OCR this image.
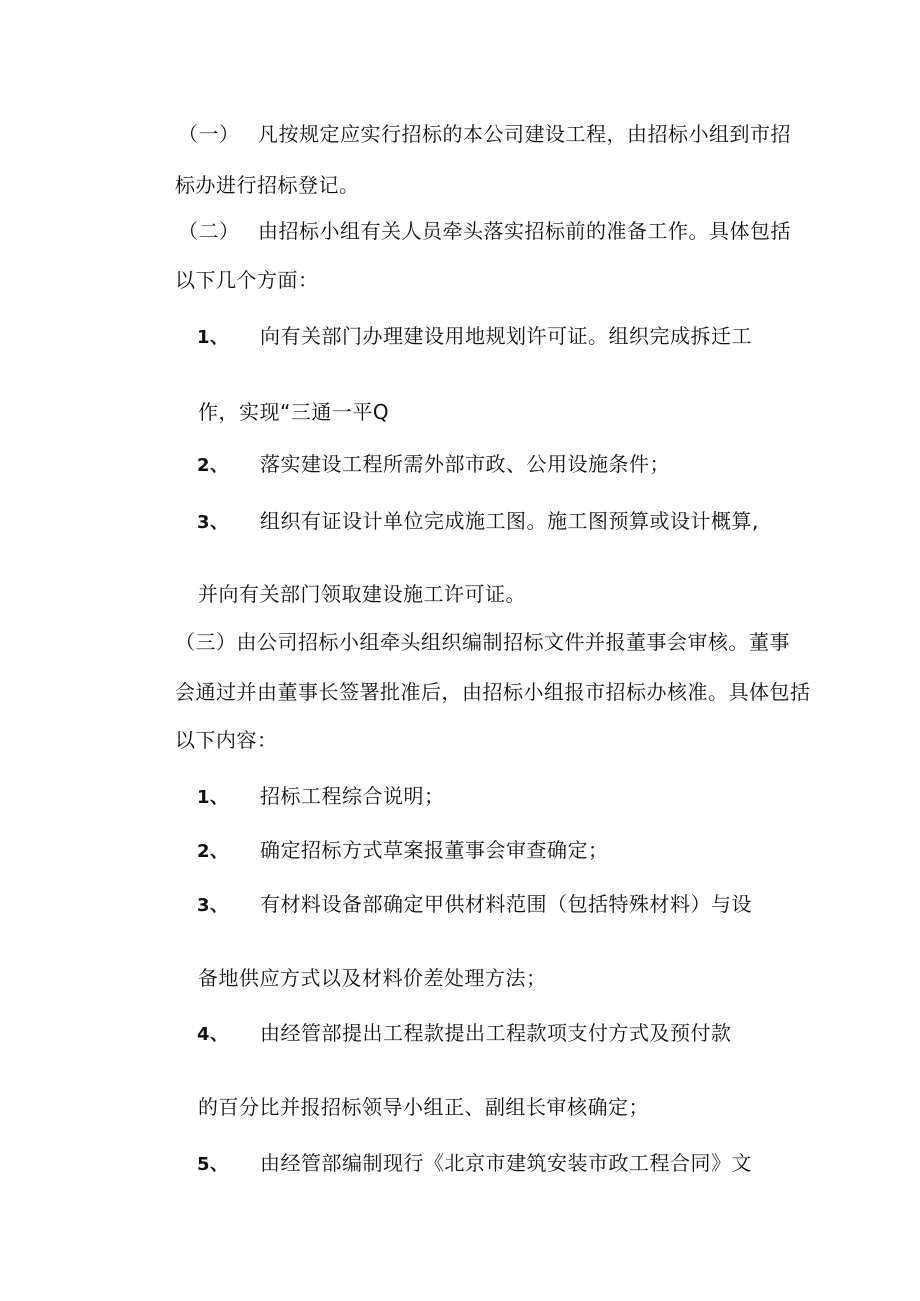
（一） 凡按规定应实行招标的本公司建设工程，由招标小组到市招
标办进行招标登记。
（二） 由招标小组有关人员牵头落实招标前的准备工作。具体包括
以下几个方面：
1、 向有关部门办理建设用地规划许可证。组织完成拆迁工
作，实现“三通一平Q
2、 落实建设工程所需外部市政、公用设施条件；
3、 组织有证设计单位完成施工图。施工图预算或设计概算,
并向有关部门领取建设施工许可证。
（三）由公司招标小组牵头组织编制招标文件并报董事会审核。董事
会通过并由董事长签署批准后，由招标小组报市招标办核准。具体包括
以下内容：
1、 招标工程综合说明；
2、 确定招标方式草案报董事会审查确定；
3、 有材料设备部确定甲供材料范围（包括特殊材料）与设
备地供应方式以及材料价差处理方法；
4、 由经管部提出工程款提出工程款项支付方式及预付款
的百分比并报招标领导小组正、副组长审核确定；
5、 由经管部编制现行《北京市建筑安装市政工程合同》文
